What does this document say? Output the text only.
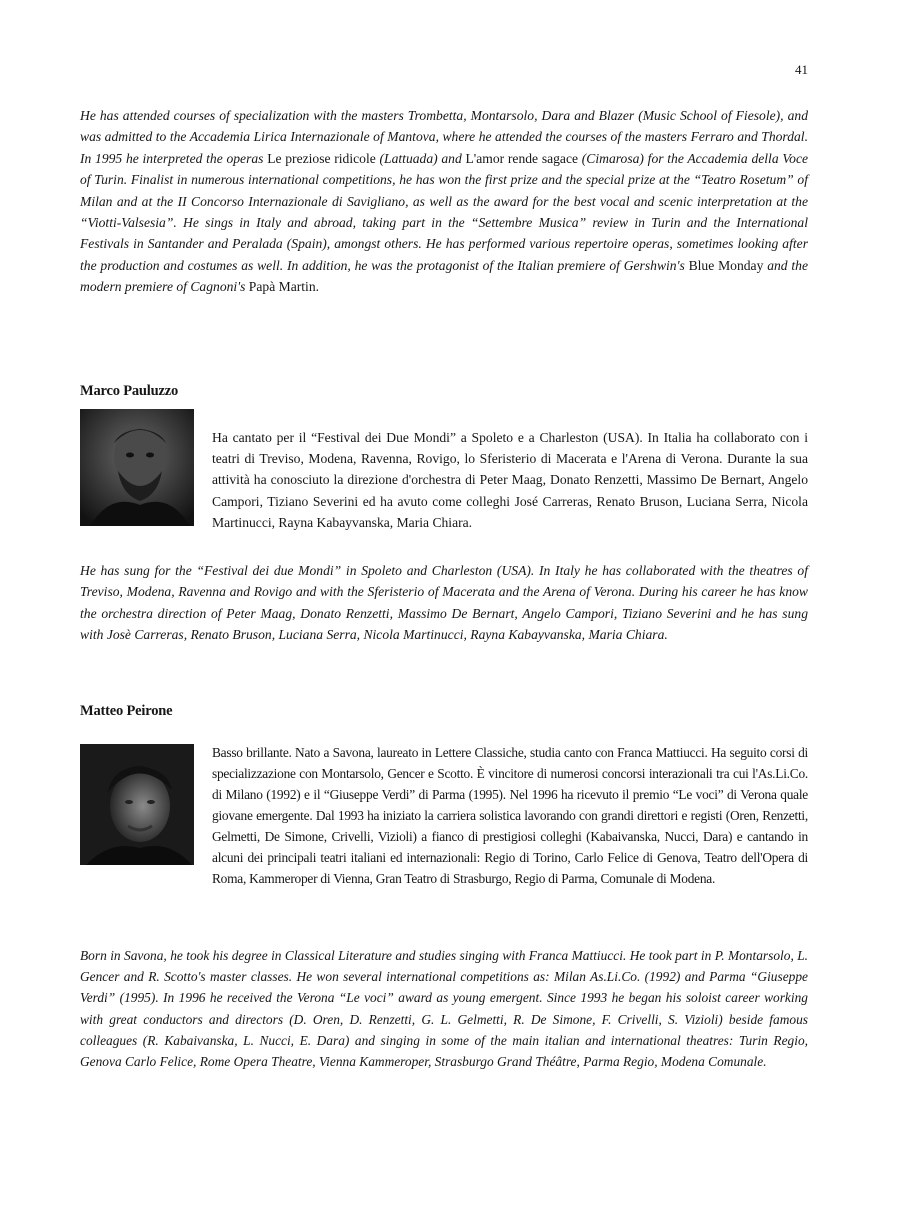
41

He has attended courses of specialization with the masters Trombetta, Montarsolo, Dara and Blazer (Music School of Fiesole), and was admitted to the Accademia Lirica Internazionale of Mantova, where he attended the courses of the masters Ferraro and Thordal. In 1995 he interpreted the operas Le preziose ridicole (Lattuada) and L'amor rende sagace (Cimarosa) for the Accademia della Voce of Turin. Finalist in numerous international competitions, he has won the first prize and the special prize at the “Teatro Rosetum” of Milan and at the II Concorso Internazionale di Savigliano, as well as the award for the best vocal and scenic interpretation at the “Viotti-Valsesia”. He sings in Italy and abroad, taking part in the “Settembre Musica” review in Turin and the International Festivals in Santander and Peralada (Spain), amongst others. He has performed various repertoire operas, sometimes looking after the production and costumes as well. In addition, he was the protagonist of the Italian premiere of Gershwin's Blue Monday and the modern premiere of Cagnoni's Papà Martin.

Marco Pauluzzo

Ha cantato per il “Festival dei Due Mondi” a Spoleto e a Charleston (USA). In Italia ha collaborato con i teatri di Treviso, Modena, Ravenna, Rovigo, lo Sferisterio di Macerata e l'Arena di Verona. Durante la sua attività ha conosciuto la direzione d'orchestra di Peter Maag, Donato Renzetti, Massimo De Bernart, Angelo Campori, Tiziano Severini ed ha avuto come colleghi José Carreras, Renato Bruson, Luciana Serra, Nicola Martinucci, Rayna Kabayvanska, Maria Chiara.

He has sung for the “Festival dei due Mondi” in Spoleto and Charleston (USA). In Italy he has collaborated with the theatres of Treviso, Modena, Ravenna and Rovigo and with the Sferisterio of Macerata and the Arena of Verona. During his career he has know the orchestra direction of Peter Maag, Donato Renzetti, Massimo De Bernart, Angelo Campori, Tiziano Severini and he has sung with Josè Carreras, Renato Bruson, Luciana Serra, Nicola Martinucci, Rayna Kabayvanska, Maria Chiara.

Matteo Peirone

Basso brillante. Nato a Savona, laureato in Lettere Classiche, studia canto con Franca Mattiucci. Ha seguito corsi di specializzazione con Montarsolo, Gencer e Scotto. È vincitore di numerosi concorsi interazionali tra cui l'As.Li.Co. di Milano (1992) e il “Giuseppe Verdi” di Parma (1995). Nel 1996 ha ricevuto il premio “Le voci” di Verona quale giovane emergente. Dal 1993 ha iniziato la carriera solistica lavorando con grandi direttori e registi (Oren, Renzetti, Gelmetti, De Simone, Crivelli, Vizioli) a fianco di prestigiosi colleghi (Kabaivanska, Nucci, Dara) e cantando in alcuni dei principali teatri italiani ed internazionali: Regio di Torino, Carlo Felice di Genova, Teatro dell'Opera di Roma, Kammeroper di Vienna, Gran Teatro di Strasburgo, Regio di Parma, Comunale di Modena.

Born in Savona, he took his degree in Classical Literature and studies singing with Franca Mattiucci. He took part in P. Montarsolo, L. Gencer and R. Scotto's master classes. He won several international competitions as: Milan As.Li.Co. (1992) and Parma “Giuseppe Verdi” (1995). In 1996 he received the Verona “Le voci” award as young emergent. Since 1993 he began his soloist career working with great conductors and directors (D. Oren, D. Renzetti, G. L. Gelmetti, R. De Simone, F. Crivelli, S. Vizioli) beside famous colleagues (R. Kabaivanska, L. Nucci, E. Dara) and singing in some of the main italian and international theatres: Turin Regio, Genova Carlo Felice, Rome Opera Theatre, Vienna Kammeroper, Strasburgo Grand Théâtre, Parma Regio, Modena Comunale.
